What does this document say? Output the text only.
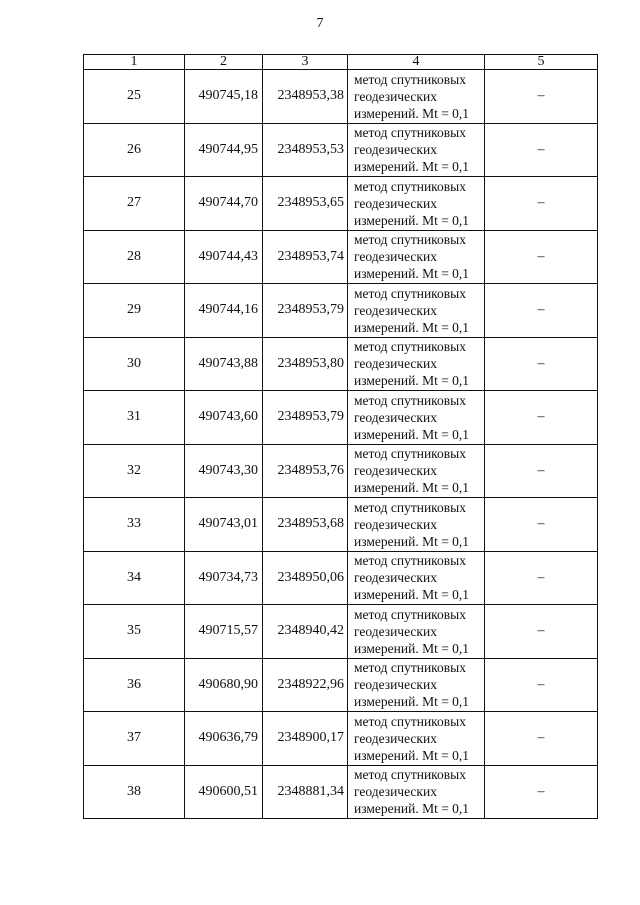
7
1	2	3	4	5
25	490745,18	2348953,38	метод спутниковых
геодезических
измерений. Mt = 0,1	–
26	490744,95	2348953,53	метод спутниковых
геодезических
измерений. Mt = 0,1	–
27	490744,70	2348953,65	метод спутниковых
геодезических
измерений. Mt = 0,1	–
28	490744,43	2348953,74	метод спутниковых
геодезических
измерений. Mt = 0,1	–
29	490744,16	2348953,79	метод спутниковых
геодезических
измерений. Mt = 0,1	–
30	490743,88	2348953,80	метод спутниковых
геодезических
измерений. Mt = 0,1	–
31	490743,60	2348953,79	метод спутниковых
геодезических
измерений. Mt = 0,1	–
32	490743,30	2348953,76	метод спутниковых
геодезических
измерений. Mt = 0,1	–
33	490743,01	2348953,68	метод спутниковых
геодезических
измерений. Mt = 0,1	–
34	490734,73	2348950,06	метод спутниковых
геодезических
измерений. Mt = 0,1	–
35	490715,57	2348940,42	метод спутниковых
геодезических
измерений. Mt = 0,1	–
36	490680,90	2348922,96	метод спутниковых
геодезических
измерений. Mt = 0,1	–
37	490636,79	2348900,17	метод спутниковых
геодезических
измерений. Mt = 0,1	–
38	490600,51	2348881,34	метод спутниковых
геодезических
измерений. Mt = 0,1	–
